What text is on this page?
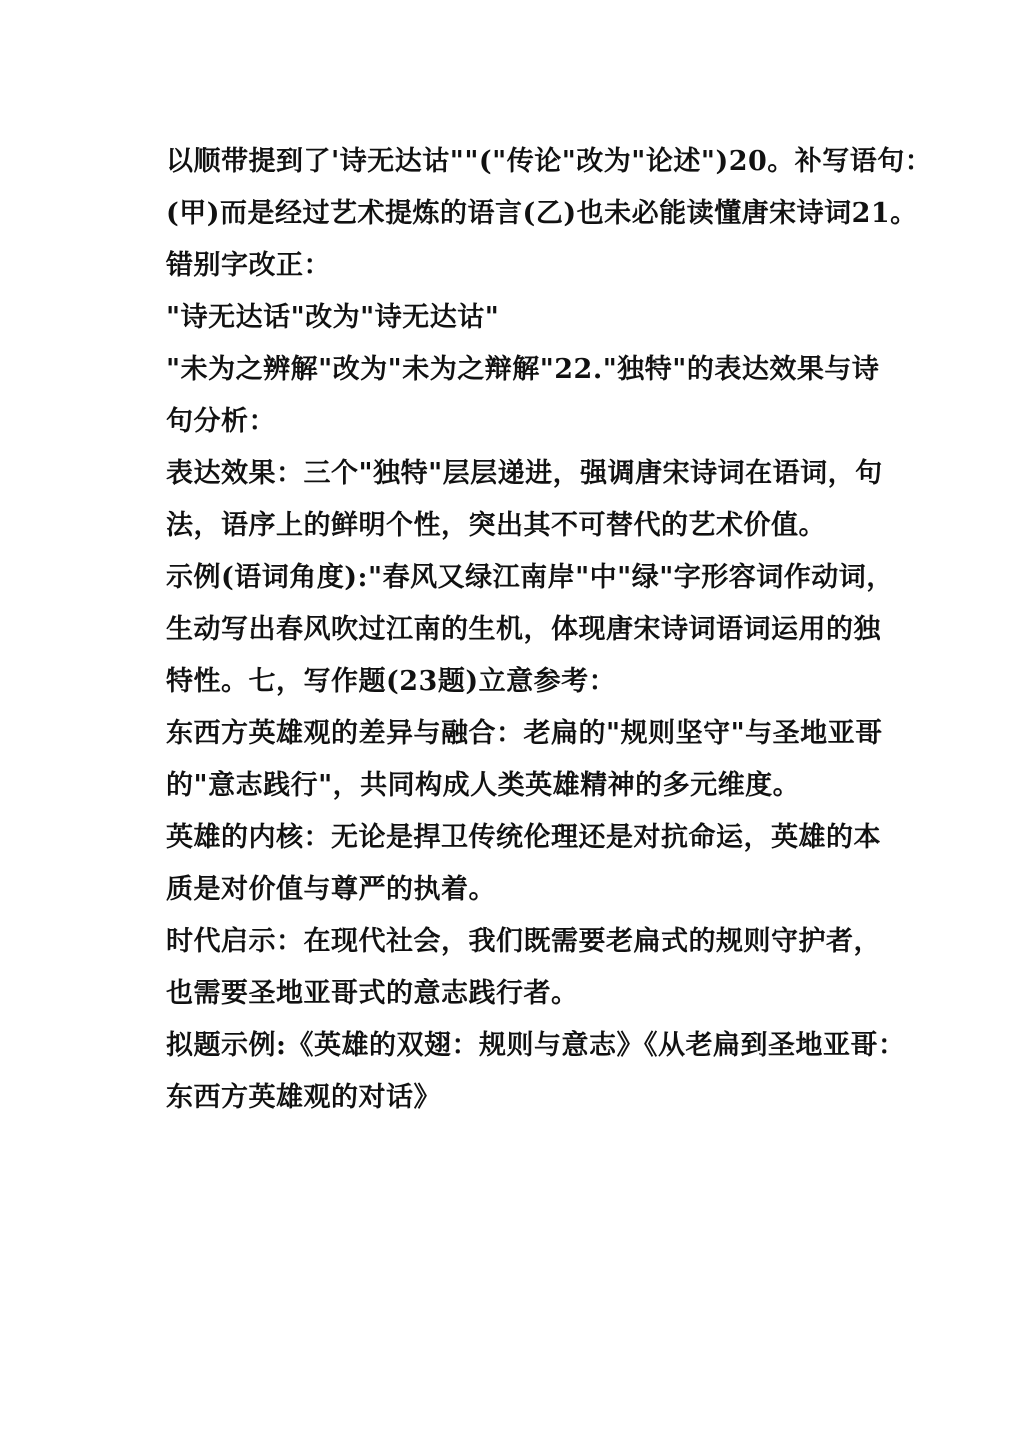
以顺带提到了'诗无达诂""("传论"改为"论述")20。补写语句：
(甲)而是经过艺术提炼的语言(乙)也未必能读懂唐宋诗词21。
错别字改正：
"诗无达话"改为"诗无达诂"
"未为之辨解"改为"未为之辩解"22."独特"的表达效果与诗
句分析：
表达效果：三个"独特"层层递进，强调唐宋诗词在语词，句
法，语序上的鲜明个性，突出其不可替代的艺术价值。
示例(语词角度):"春风又绿江南岸"中"绿"字形容词作动词，
生动写出春风吹过江南的生机，体现唐宋诗词语词运用的独
特性。七，写作题(23题)立意参考：
东西方英雄观的差异与融合：老扁的"规则坚守"与圣地亚哥
的"意志践行"，共同构成人类英雄精神的多元维度。
英雄的内核：无论是捍卫传统伦理还是对抗命运，英雄的本
质是对价值与尊严的执着。
时代启示：在现代社会，我们既需要老扁式的规则守护者，
也需要圣地亚哥式的意志践行者。
拟题示例:《英雄的双翅：规则与意志》《从老扁到圣地亚哥：
东西方英雄观的对话》
